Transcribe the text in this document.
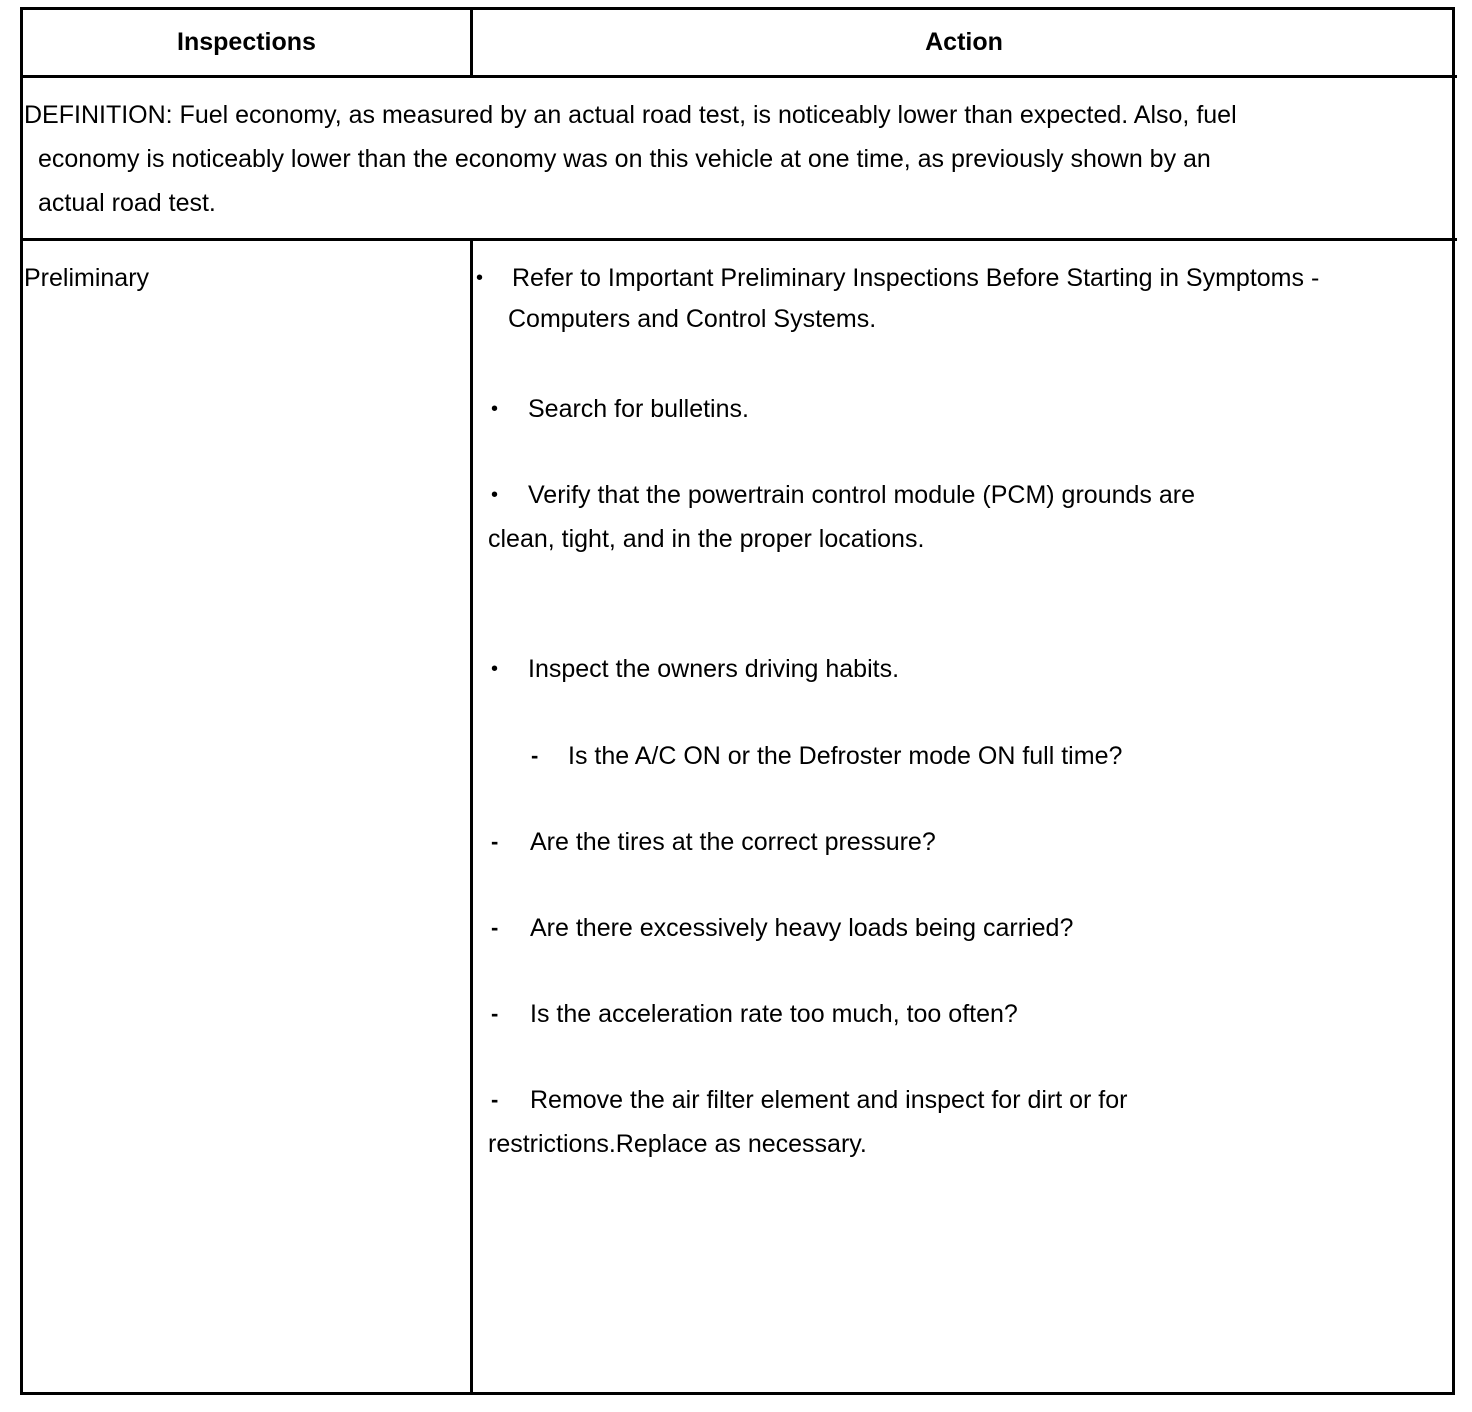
Inspections	Action
DEFINITION: Fuel economy, as measured by an actual road test, is noticeably lower than expected. Also, fuel
economy is noticeably lower than the economy was on this vehicle at one time, as previously shown by an
actual road test.
Preliminary	• Refer to Important Preliminary Inspections Before Starting in Symptoms -
Computers and Control Systems.
• Search for bulletins.
• Verify that the powertrain control module (PCM) grounds are
clean, tight, and in the proper locations.
• Inspect the owners driving habits.
- Is the A/C ON or the Defroster mode ON full time?
- Are the tires at the correct pressure?
- Are there excessively heavy loads being carried?
- Is the acceleration rate too much, too often?
- Remove the air filter element and inspect for dirt or for
restrictions.Replace as necessary.
